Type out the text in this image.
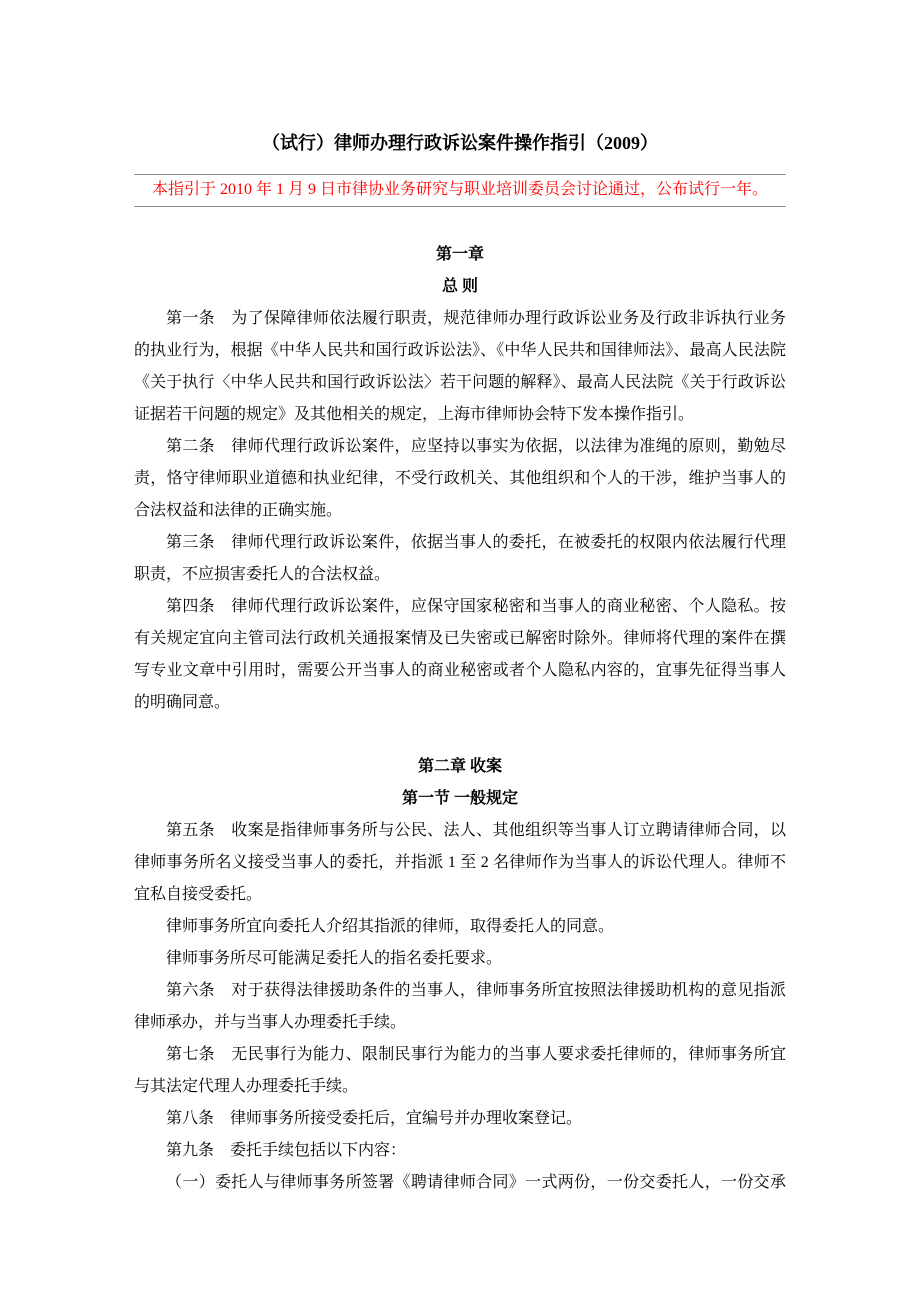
（试行）律师办理行政诉讼案件操作指引（2009）
本指引于 2010 年 1 月 9 日市律协业务研究与职业培训委员会讨论通过，公布试行一年。
第一章
总 则

第一条　为了保障律师依法履行职责，规范律师办理行政诉讼业务及行政非诉执行业务的执业行为，根据《中华人民共和国行政诉讼法》、《中华人民共和国律师法》、最高人民法院《关于执行〈中华人民共和国行政诉讼法〉若干问题的解释》、最高人民法院《关于行政诉讼证据若干问题的规定》及其他相关的规定，上海市律师协会特下发本操作指引。

第二条　律师代理行政诉讼案件，应坚持以事实为依据，以法律为准绳的原则，勤勉尽责，恪守律师职业道德和执业纪律，不受行政机关、其他组织和个人的干涉，维护当事人的合法权益和法律的正确实施。

第三条　律师代理行政诉讼案件，依据当事人的委托，在被委托的权限内依法履行代理职责，不应损害委托人的合法权益。

第四条　律师代理行政诉讼案件，应保守国家秘密和当事人的商业秘密、个人隐私。按有关规定宜向主管司法行政机关通报案情及已失密或已解密时除外。律师将代理的案件在撰写专业文章中引用时，需要公开当事人的商业秘密或者个人隐私内容的，宜事先征得当事人的明确同意。

第二章 收案
第一节 一般规定

第五条　收案是指律师事务所与公民、法人、其他组织等当事人订立聘请律师合同，以律师事务所名义接受当事人的委托，并指派 1 至 2 名律师作为当事人的诉讼代理人。律师不宜私自接受委托。

律师事务所宜向委托人介绍其指派的律师，取得委托人的同意。

律师事务所尽可能满足委托人的指名委托要求。

第六条　对于获得法律援助条件的当事人，律师事务所宜按照法律援助机构的意见指派律师承办，并与当事人办理委托手续。

第七条　无民事行为能力、限制民事行为能力的当事人要求委托律师的，律师事务所宜与其法定代理人办理委托手续。

第八条　律师事务所接受委托后，宜编号并办理收案登记。

第九条　委托手续包括以下内容：

（一）委托人与律师事务所签署《聘请律师合同》一式两份，一份交委托人，一份交承
